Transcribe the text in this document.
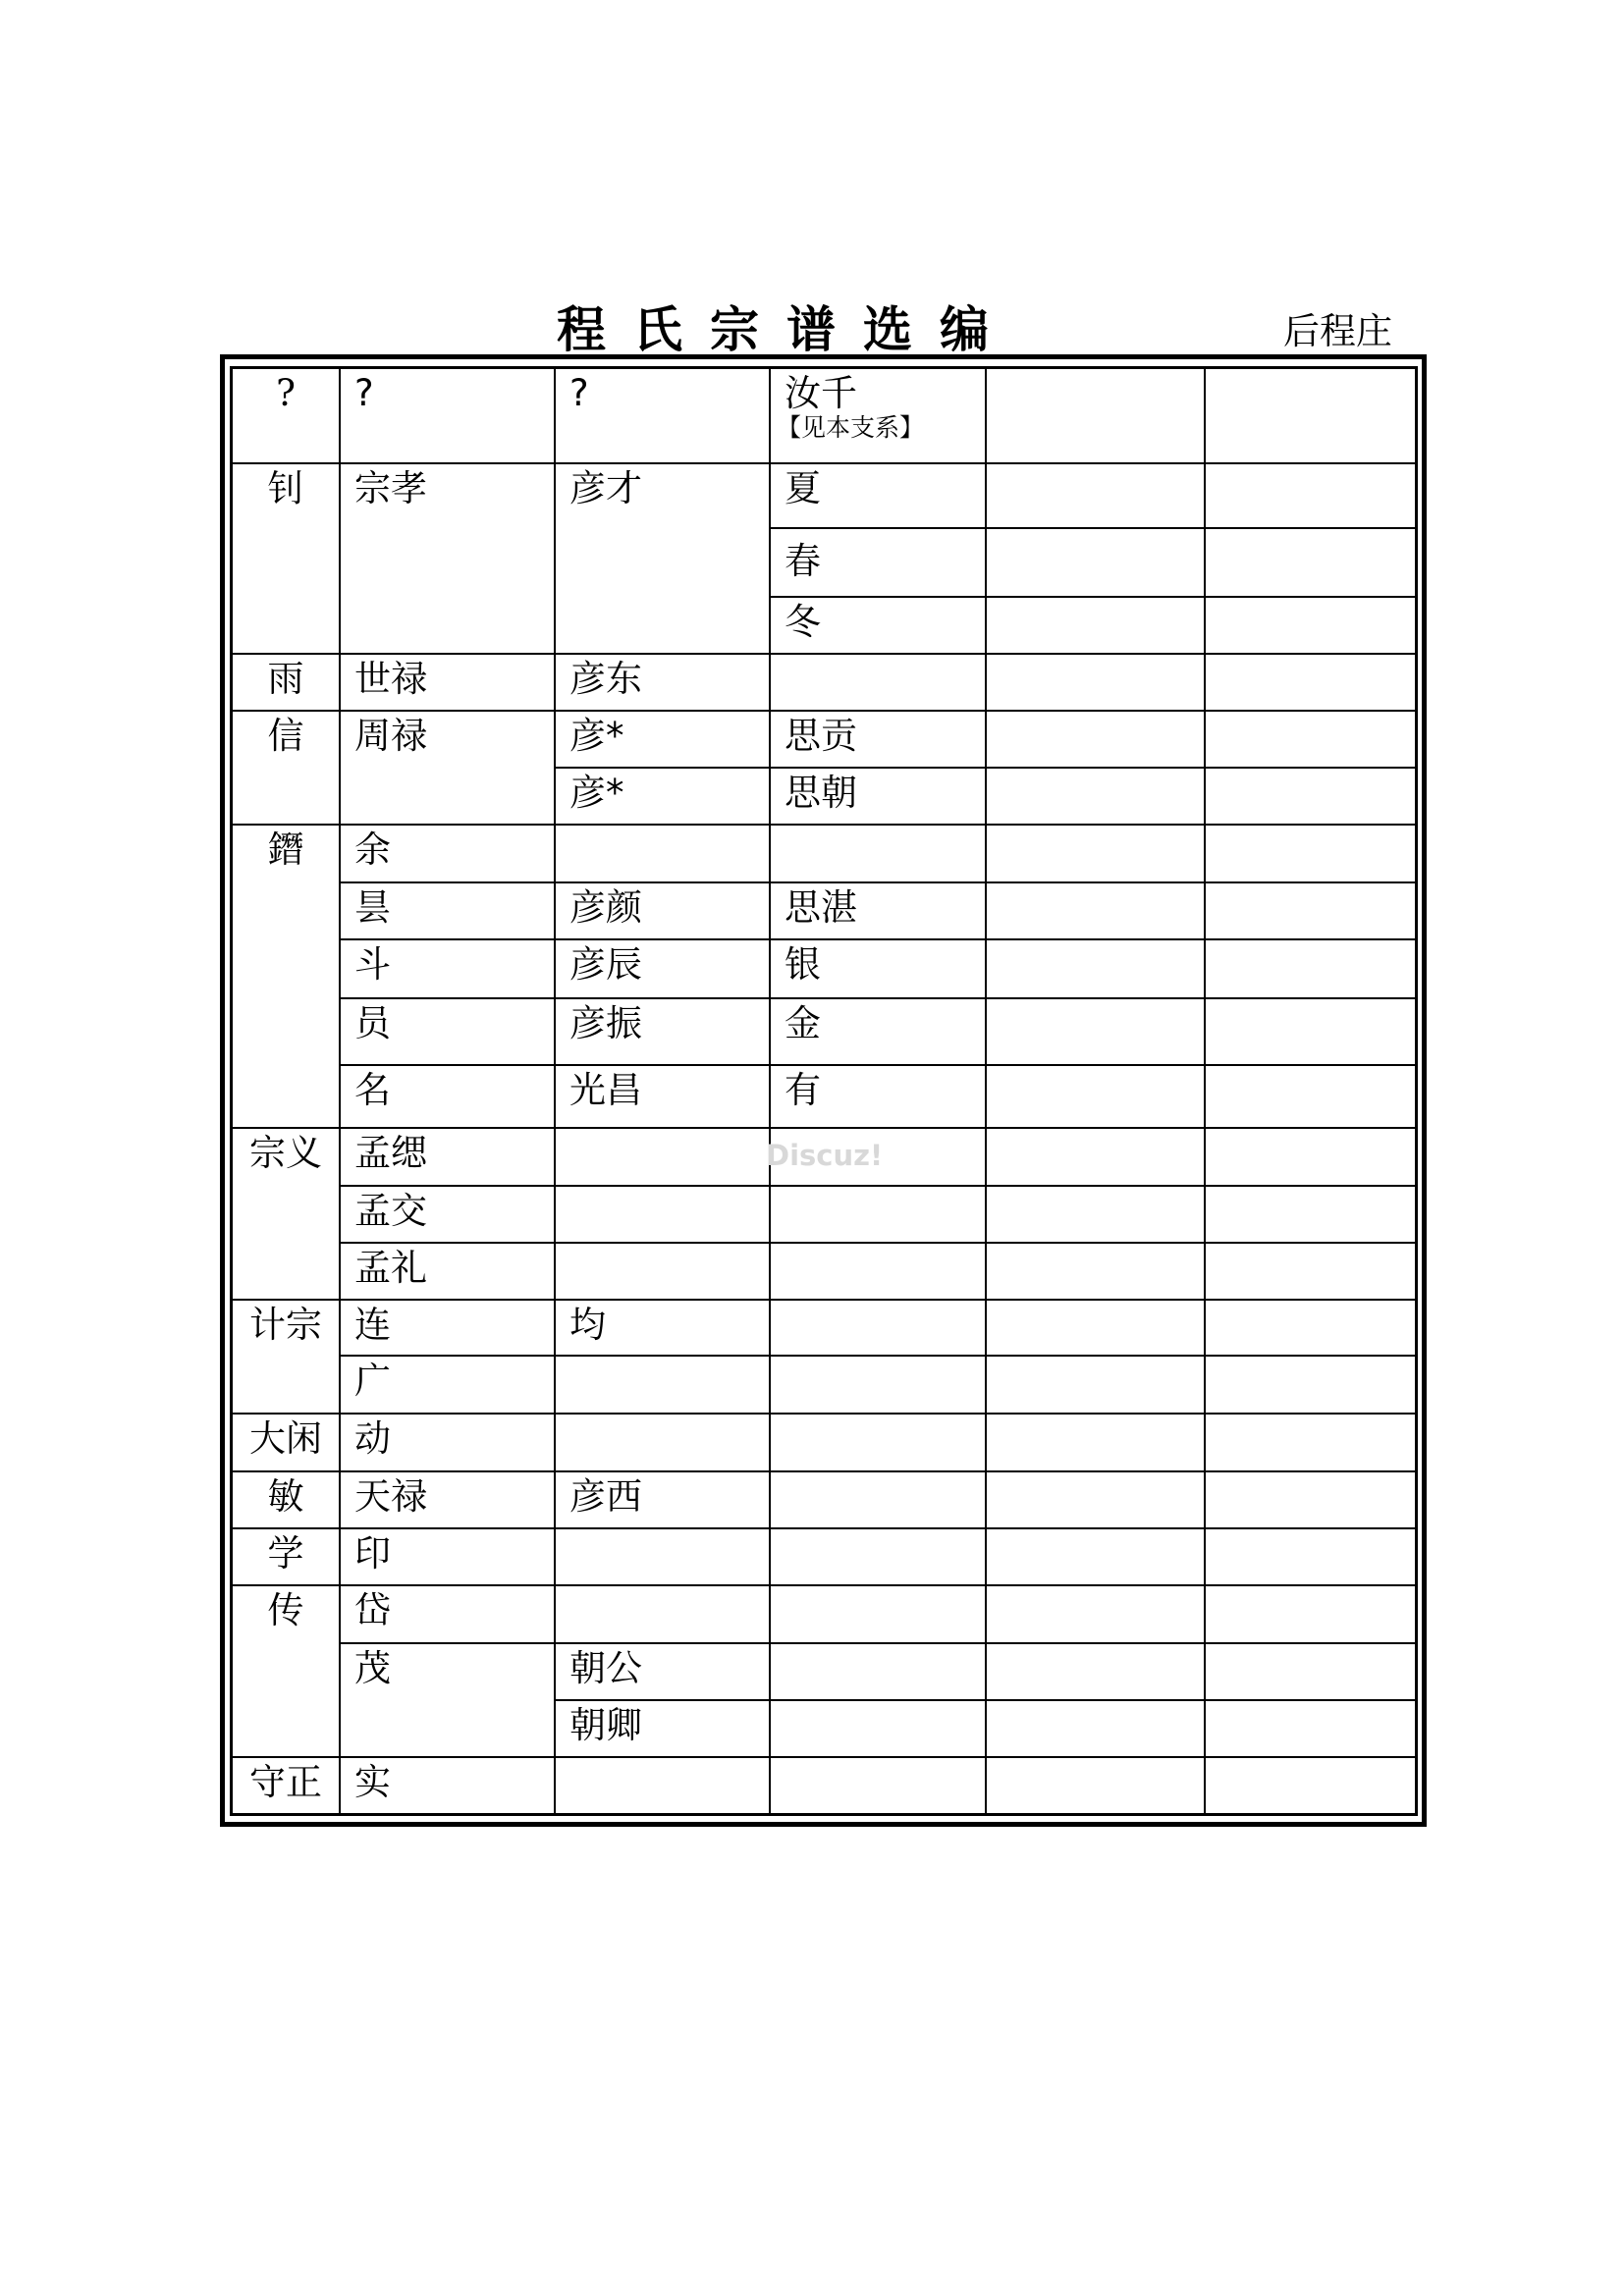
程氏宗谱选编	后程庄
?	?	?	汝千
【见本支系】		

钊	宗孝	彦才	夏		
			春		
			冬		
雨	世禄	彦东			
信	周禄	彦*	思贡		
		彦*	思朝		
鐕	余				
	昙	彦颜	思湛		
	斗	彦辰	银		
	员	彦振	金		
	名	光昌	有		
宗义	孟缌				
	孟交				
	孟礼				
计宗	连	均			
	广				
大闲	动				
敏	天禄	彦西			
学	印				
传	岱				
	茂	朝公			
		朝卿			
守正	实				
Discuz!
